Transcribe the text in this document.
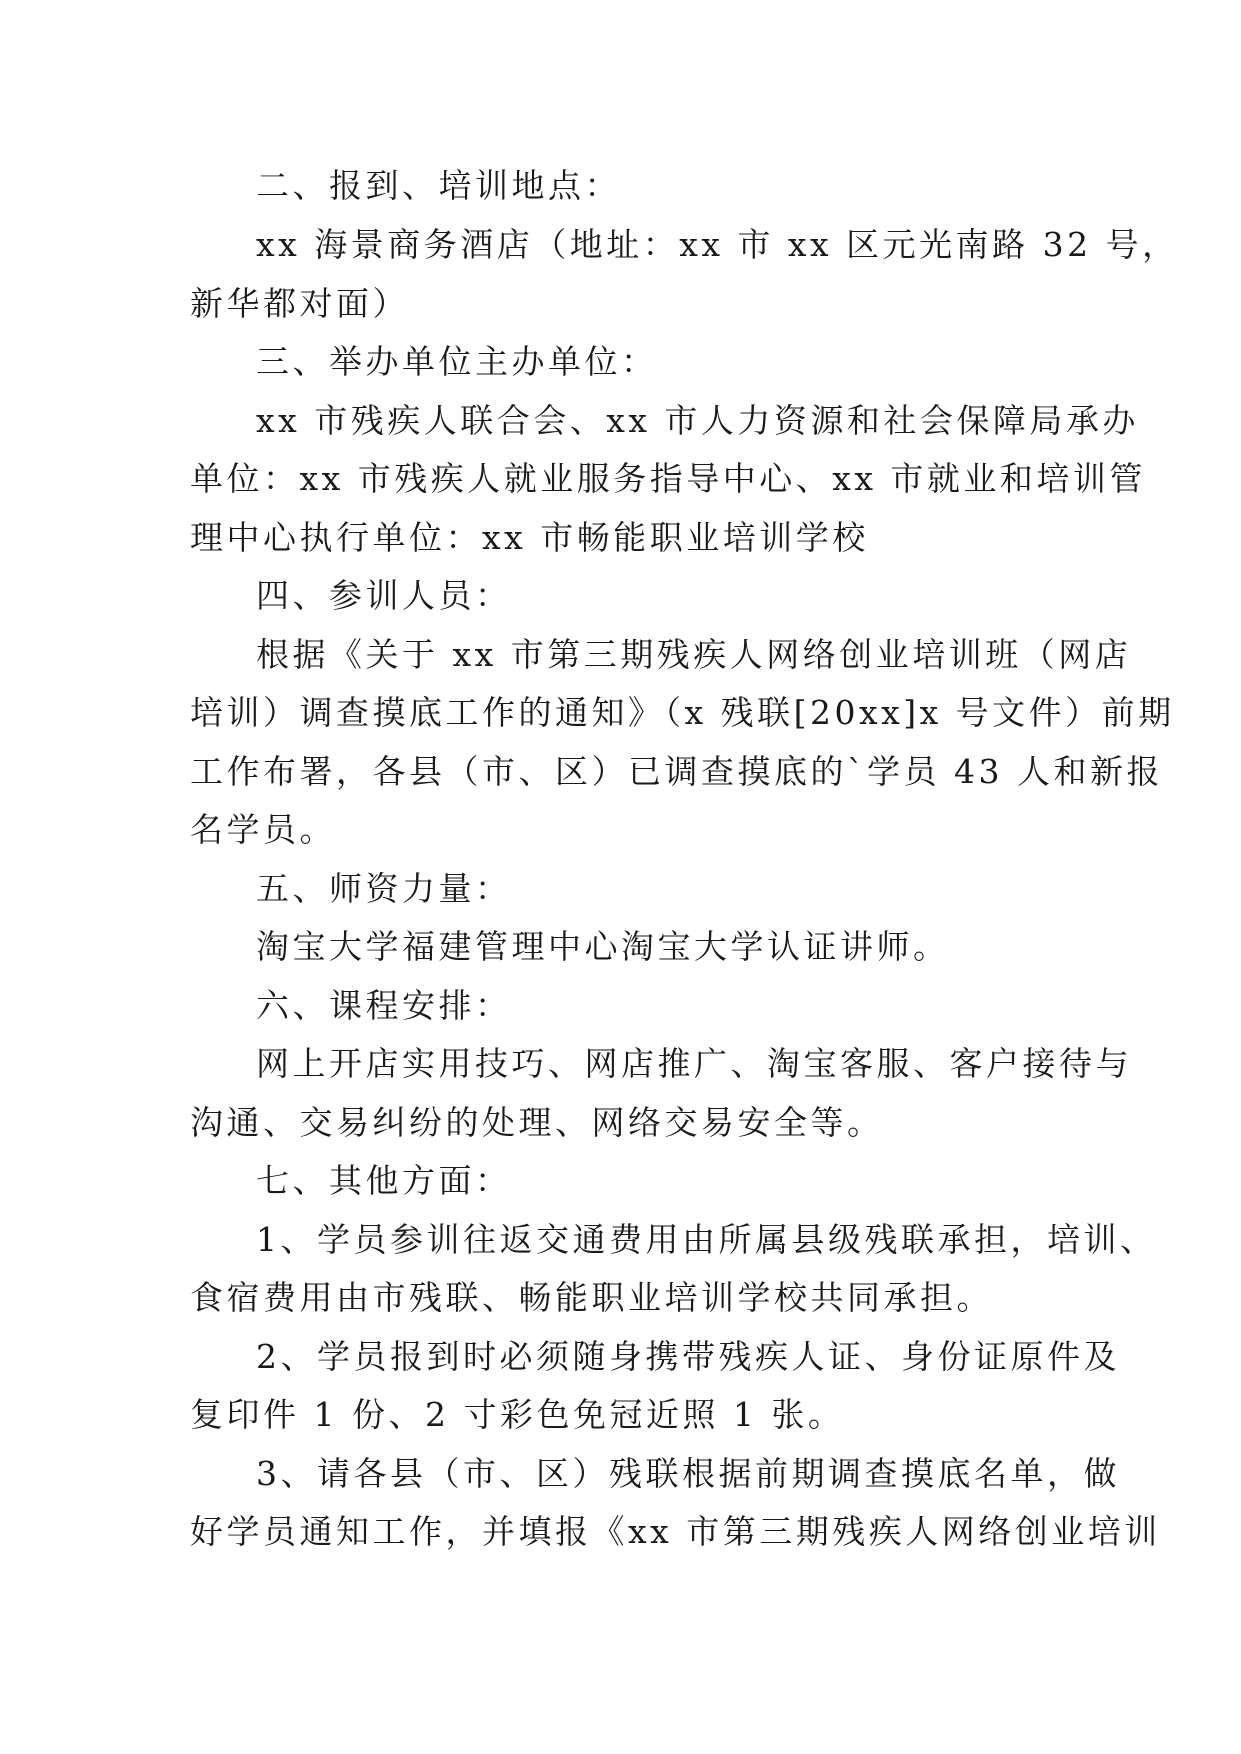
二、报到、培训地点：

xx 海景商务酒店（地址：xx 市 xx 区元光南路 32 号，

新华都对面）

三、举办单位主办单位：

xx 市残疾人联合会、xx 市人力资源和社会保障局承办

单位：xx 市残疾人就业服务指导中心、xx 市就业和培训管

理中心执行单位：xx 市畅能职业培训学校

四、参训人员：

根据《关于 xx 市第三期残疾人网络创业培训班（网店

培训）调查摸底工作的通知》（x 残联[20xx]x 号文件）前期

工作布署，各县（市、区）已调查摸底的`学员 43 人和新报

名学员。

五、师资力量：

淘宝大学福建管理中心淘宝大学认证讲师。

六、课程安排：

网上开店实用技巧、网店推广、淘宝客服、客户接待与

沟通、交易纠纷的处理、网络交易安全等。

七、其他方面：

1、学员参训往返交通费用由所属县级残联承担，培训、

食宿费用由市残联、畅能职业培训学校共同承担。

2、学员报到时必须随身携带残疾人证、身份证原件及

复印件 1 份、2 寸彩色免冠近照 1 张。

3、请各县（市、区）残联根据前期调查摸底名单，做

好学员通知工作，并填报《xx 市第三期残疾人网络创业培训
